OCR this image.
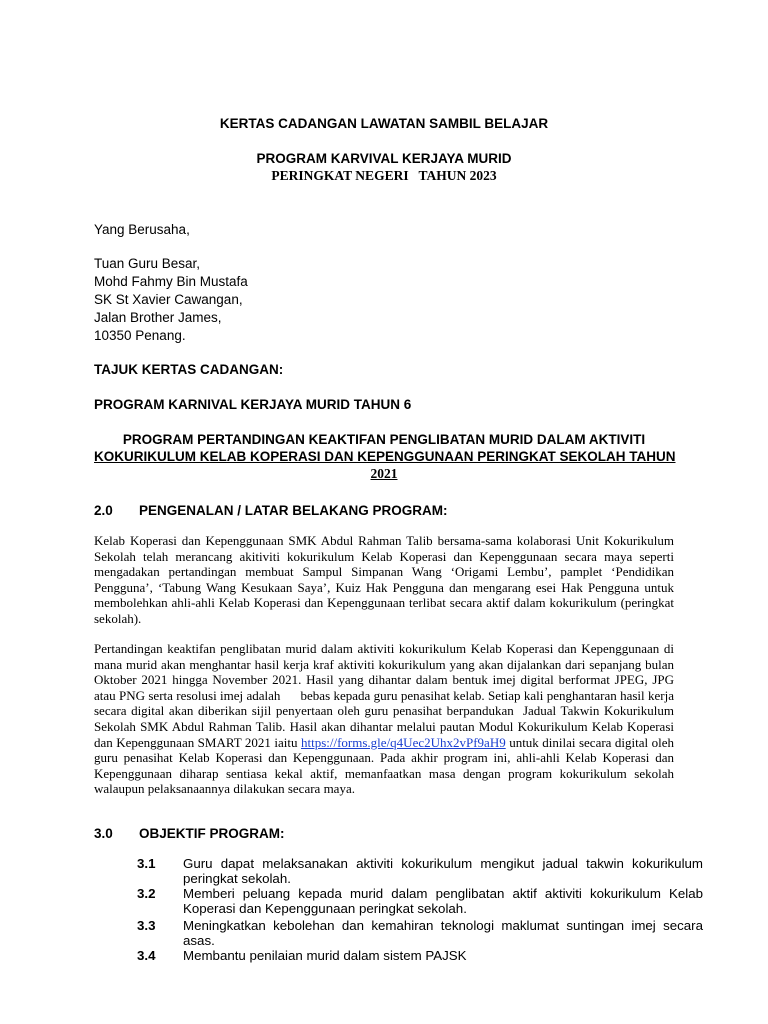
KERTAS CADANGAN LAWATAN SAMBIL BELAJAR
PROGRAM KARVIVAL KERJAYA MURID
PERINGKAT NEGERI   TAHUN 2023
Yang Berusaha,
Tuan Guru Besar,
Mohd Fahmy Bin Mustafa
SK St Xavier Cawangan,
Jalan Brother James,
10350 Penang.
TAJUK KERTAS CADANGAN:
PROGRAM KARNIVAL KERJAYA MURID TAHUN 6
PROGRAM PERTANDINGAN KEAKTIFAN PENGLIBATAN MURID DALAM AKTIVITI
KOKURIKULUM KELAB KOPERASI DAN KEPENGGUNAAN PERINGKAT SEKOLAH TAHUN
2021
2.0 PENGENALAN / LATAR BELAKANG PROGRAM:
Kelab Koperasi dan Kepenggunaan SMK Abdul Rahman Talib bersama-sama kolaborasi Unit Kokurikulum Sekolah telah merancang akitiviti kokurikulum Kelab Koperasi dan Kepenggunaan secara maya seperti mengadakan pertandingan membuat Sampul Simpanan Wang ‘Origami Lembu’, pamplet ‘Pendidikan Pengguna’, ‘Tabung Wang Kesukaan Saya’, Kuiz Hak Pengguna dan mengarang esei Hak Pengguna untuk membolehkan ahli-ahli Kelab Koperasi dan Kepenggunaan terlibat secara aktif dalam kokurikulum (peringkat sekolah).
Pertandingan keaktifan penglibatan murid dalam aktiviti kokurikulum Kelab Koperasi dan Kepenggunaan di mana murid akan menghantar hasil kerja kraf aktiviti kokurikulum yang akan dijalankan dari sepanjang bulan Oktober 2021 hingga November 2021. Hasil yang dihantar dalam bentuk imej digital berformat JPEG, JPG atau PNG serta resolusi imej adalah      bebas kepada guru penasihat kelab. Setiap kali penghantaran hasil kerja secara digital akan diberikan sijil penyertaan oleh guru penasihat berpandukan  Jadual Takwin Kokurikulum Sekolah SMK Abdul Rahman Talib. Hasil akan dihantar melalui pautan Modul Kokurikulum Kelab Koperasi dan Kepenggunaan SMART 2021 iaitu https://forms.gle/q4Uec2Uhx2vPf9aH9 untuk dinilai secara digital oleh guru penasihat Kelab Koperasi dan Kepenggunaan. Pada akhir program ini, ahli-ahli Kelab Koperasi dan Kepenggunaan diharap sentiasa kekal aktif, memanfaatkan masa dengan program kokurikulum sekolah walaupun pelaksanaannya dilakukan secara maya.
3.0 OBJEKTIF PROGRAM:
3.1 Guru dapat melaksanakan aktiviti kokurikulum mengikut jadual takwin kokurikulum peringkat sekolah.
3.2 Memberi peluang kepada murid dalam penglibatan aktif aktiviti kokurikulum Kelab Koperasi dan Kepenggunaan peringkat sekolah.
3.3 Meningkatkan kebolehan dan kemahiran teknologi maklumat suntingan imej secara asas.
3.4 Membantu penilaian murid dalam sistem PAJSK
